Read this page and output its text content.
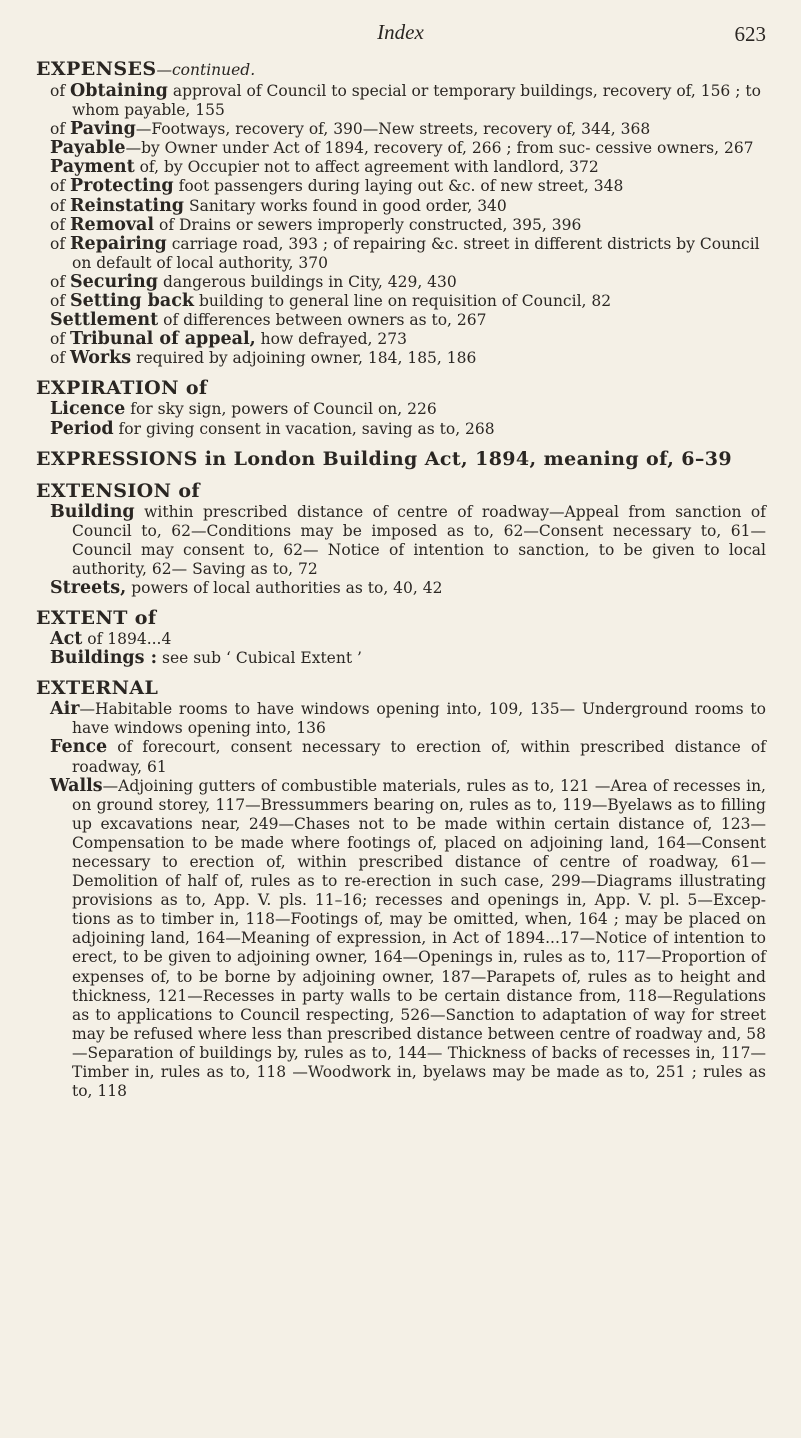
Index	623
EXPENSES—continued.
of Obtaining approval of Council to special or temporary buildings, recovery of, 156 ; to whom payable, 155
of Paving—Footways, recovery of, 390—New streets, recovery of, 344, 368
Payable—by Owner under Act of 1894, recovery of, 266 ; from suc- cessive owners, 267
Payment of, by Occupier not to affect agreement with landlord, 372
of Protecting foot passengers during laying out &c. of new street, 348
of Reinstating Sanitary works found in good order, 340
of Removal of Drains or sewers improperly constructed, 395, 396
of Repairing carriage road, 393 ; of repairing &c. street in different districts by Council on default of local authority, 370
of Securing dangerous buildings in City, 429, 430
of Setting back building to general line on requisition of Council, 82
Settlement of differences between owners as to, 267
of Tribunal of appeal, how defrayed, 273
of Works required by adjoining owner, 184, 185, 186
EXPIRATION of
Licence for sky sign, powers of Council on, 226
Period for giving consent in vacation, saving as to, 268
EXPRESSIONS in London Building Act, 1894, meaning of, 6–39
EXTENSION of
Building within prescribed distance of centre of roadway—Appeal from sanction of Council to, 62—Conditions may be imposed as to, 62—Consent necessary to, 61—Council may consent to, 62— Notice of intention to sanction, to be given to local authority, 62— Saving as to, 72
Streets, powers of local authorities as to, 40, 42
EXTENT of
Act of 1894...4
Buildings : see sub ‘ Cubical Extent ’
EXTERNAL
Air—Habitable rooms to have windows opening into, 109, 135— Underground rooms to have windows opening into, 136
Fence of forecourt, consent necessary to erection of, within prescribed distance of roadway, 61
Walls—Adjoining gutters of combustible materials, rules as to, 121 —Area of recesses in, on ground storey, 117—Bressummers bearing on, rules as to, 119—Byelaws as to filling up excavations near, 249—Chases not to be made within certain distance of, 123— Compensation to be made where footings of, placed on adjoining land, 164—Consent necessary to erection of, within prescribed distance of centre of roadway, 61—Demolition of half of, rules as to re-erection in such case, 299—Diagrams illustrating provisions as to, App. V. pls. 11–16; recesses and openings in, App. V. pl. 5—Excep- tions as to timber in, 118—Footings of, may be omitted, when, 164 ; may be placed on adjoining land, 164—Meaning of expression, in Act of 1894...17—Notice of intention to erect, to be given to adjoining owner, 164—Openings in, rules as to, 117—Proportion of expenses of, to be borne by adjoining owner, 187—Parapets of, rules as to height and thickness, 121—Recesses in party walls to be certain distance from, 118—Regulations as to applications to Council respecting, 526—Sanction to adaptation of way for street may be refused where less than prescribed distance between centre of roadway and, 58—Separation of buildings by, rules as to, 144— Thickness of backs of recesses in, 117—Timber in, rules as to, 118 —Woodwork in, byelaws may be made as to, 251 ; rules as to, 118
